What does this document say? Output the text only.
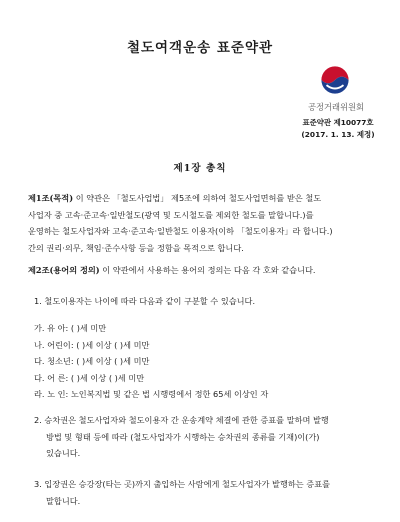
철도여객운송 표준약관
공정거래위원회
표준약관 제10077호
(2017. 1. 13. 제정)
제1장 총칙
제1조(목적) 이 약관은 「철도사업법」 제5조에 의하여 철도사업면허를 받은 철도
사업자 중 고속·준고속·일반철도(광역 및 도시철도를 제외한 철도를 말합니다.)를
운영하는 철도사업자와 고속·준고속·일반철도 이용자(이하 「철도이용자」라 합니다.)
간의 권리·의무, 책임·준수사항 등을 정함을 목적으로 합니다.
제2조(용어의 정의) 이 약관에서 사용하는 용어의 정의는 다음 각 호와 같습니다.
1. 철도이용자는 나이에 따라 다음과 같이 구분할 수 있습니다.
가. 유 아: ( )세 미만
나. 어린이: ( )세 이상 ( )세 미만
다. 청소년: ( )세 이상 ( )세 미만
다. 어 른: ( )세 이상 ( )세 미만
라. 노 인: 노인복지법 및 같은 법 시행령에서 정한 65세 이상인 자
2. 승차권은 철도사업자와 철도이용자 간 운송계약 체결에 관한 증표를 말하며 발행
방법 및 형태 등에 따라 (철도사업자가 시행하는 승차권의 종류를 기재)이(가)
있습니다.
3. 입장권은 승강장(타는 곳)까지 출입하는 사람에게 철도사업자가 발행하는 증표를
말합니다.
